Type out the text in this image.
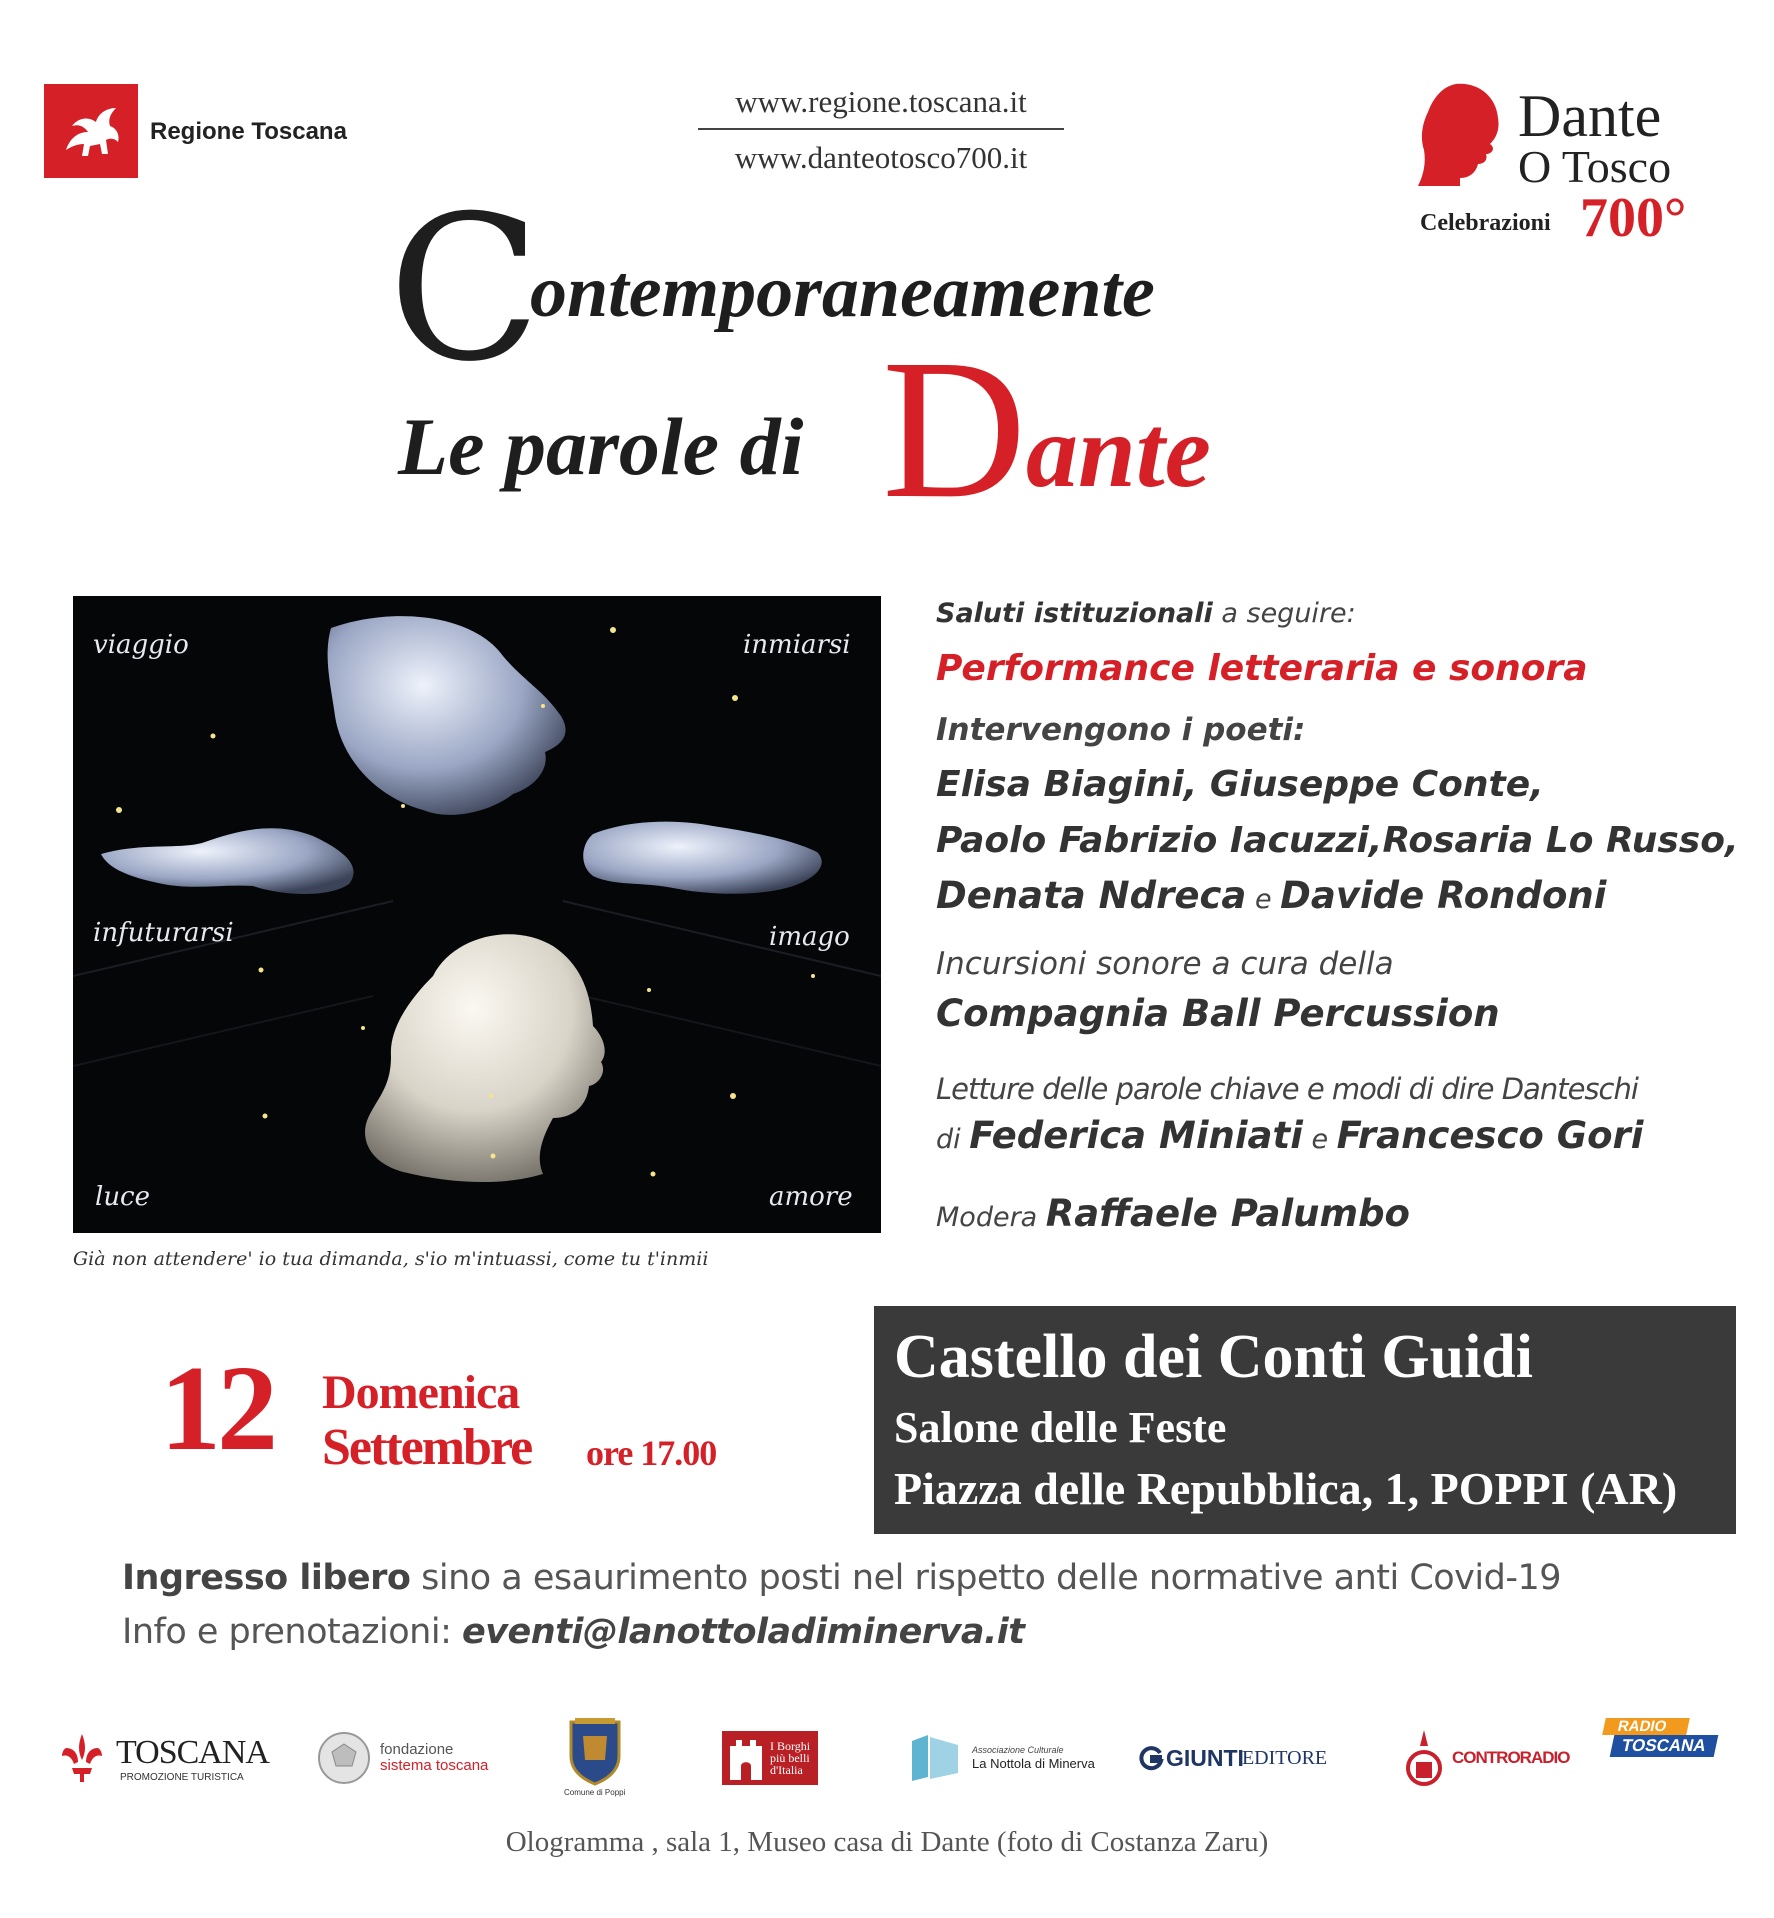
Regione Toscana
www.regione.toscana.it
www.danteotosco700.it
Dante
O Tosco
Celebrazioni 700°
C
ontemporaneamente
Le parole di D ante
viaggio	inmiarsi
infuturarsi	imago
luce	amore
Già non attendere' io tua dimanda, s'io m'intuassi, come tu t'inmii
Saluti istituzionali a seguire:
Performance letteraria e sonora
Intervengono i poeti:
Elisa Biagini, Giuseppe Conte,
Paolo Fabrizio Iacuzzi,Rosaria Lo Russo,
Denata Ndreca e Davide Rondoni
Incursioni sonore a cura della
Compagnia Ball Percussion
Letture delle parole chiave e modi di dire Danteschi
di Federica Miniati e Francesco Gori
Modera Raffaele Palumbo
12 Domenica
Settembre ore 17.00
Castello dei Conti Guidi
Salone delle Feste
Piazza delle Repubblica, 1, POPPI (AR)
Ingresso libero sino a esaurimento posti nel rispetto delle normative anti Covid-19
Info e prenotazioni: eventi@lanottoladiminerva.it
TOSCANA
PROMOZIONE TURISTICA
fondazione
sistema toscana
Comune di Poppi
I Borghi
più belli
d'Italia
Associazione Culturale
La Nottola di Minerva	GIUNTI
EDITORE	CONTRORADIO
RADIO
TOSCANA
Ologramma , sala 1, Museo casa di Dante (foto di Costanza Zaru)
